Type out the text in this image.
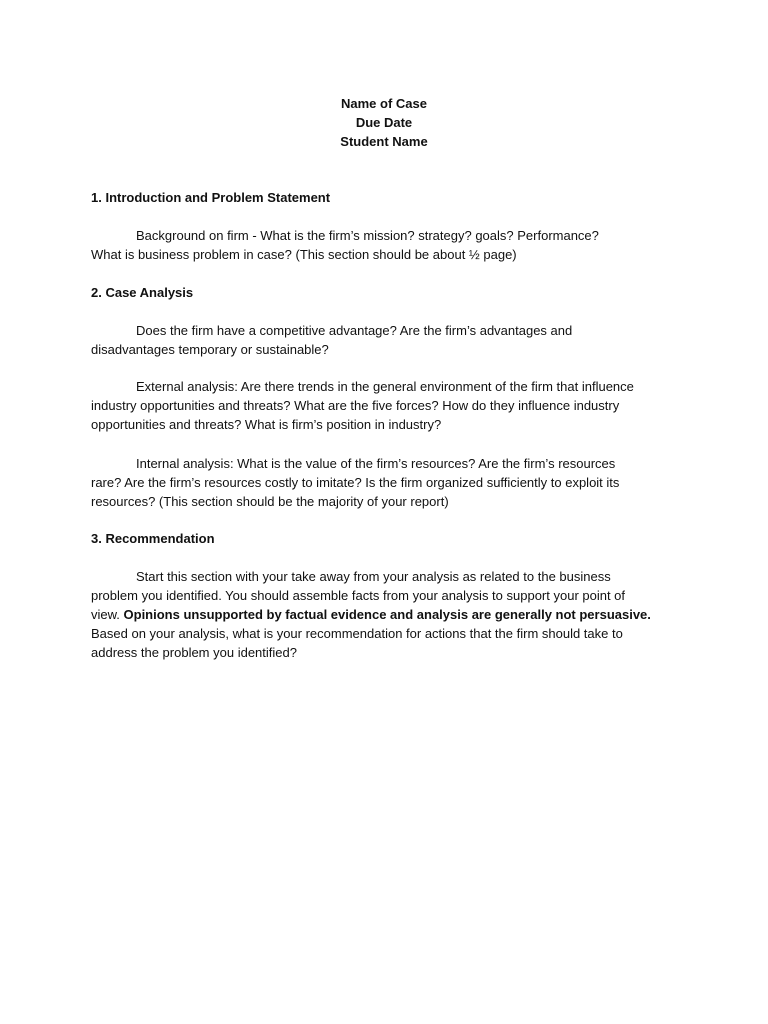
Name of Case
Due Date
Student Name
1. Introduction and Problem Statement
Background on firm - What is the firm’s mission? strategy? goals? Performance?
What is business problem in case? (This section should be about ½ page)
2. Case Analysis
Does the firm have a competitive advantage? Are the firm’s advantages and
disadvantages temporary or sustainable?
External analysis: Are there trends in the general environment of the firm that influence
industry opportunities and threats? What are the five forces? How do they influence industry
opportunities and threats? What is firm’s position in industry?
Internal analysis: What is the value of the firm’s resources? Are the firm’s resources
rare? Are the firm’s resources costly to imitate? Is the firm organized sufficiently to exploit its
resources? (This section should be the majority of your report)
3. Recommendation
Start this section with your take away from your analysis as related to the business
problem you identified. You should assemble facts from your analysis to support your point of
view. Opinions unsupported by factual evidence and analysis are generally not persuasive.
Based on your analysis, what is your recommendation for actions that the firm should take to
address the problem you identified?
